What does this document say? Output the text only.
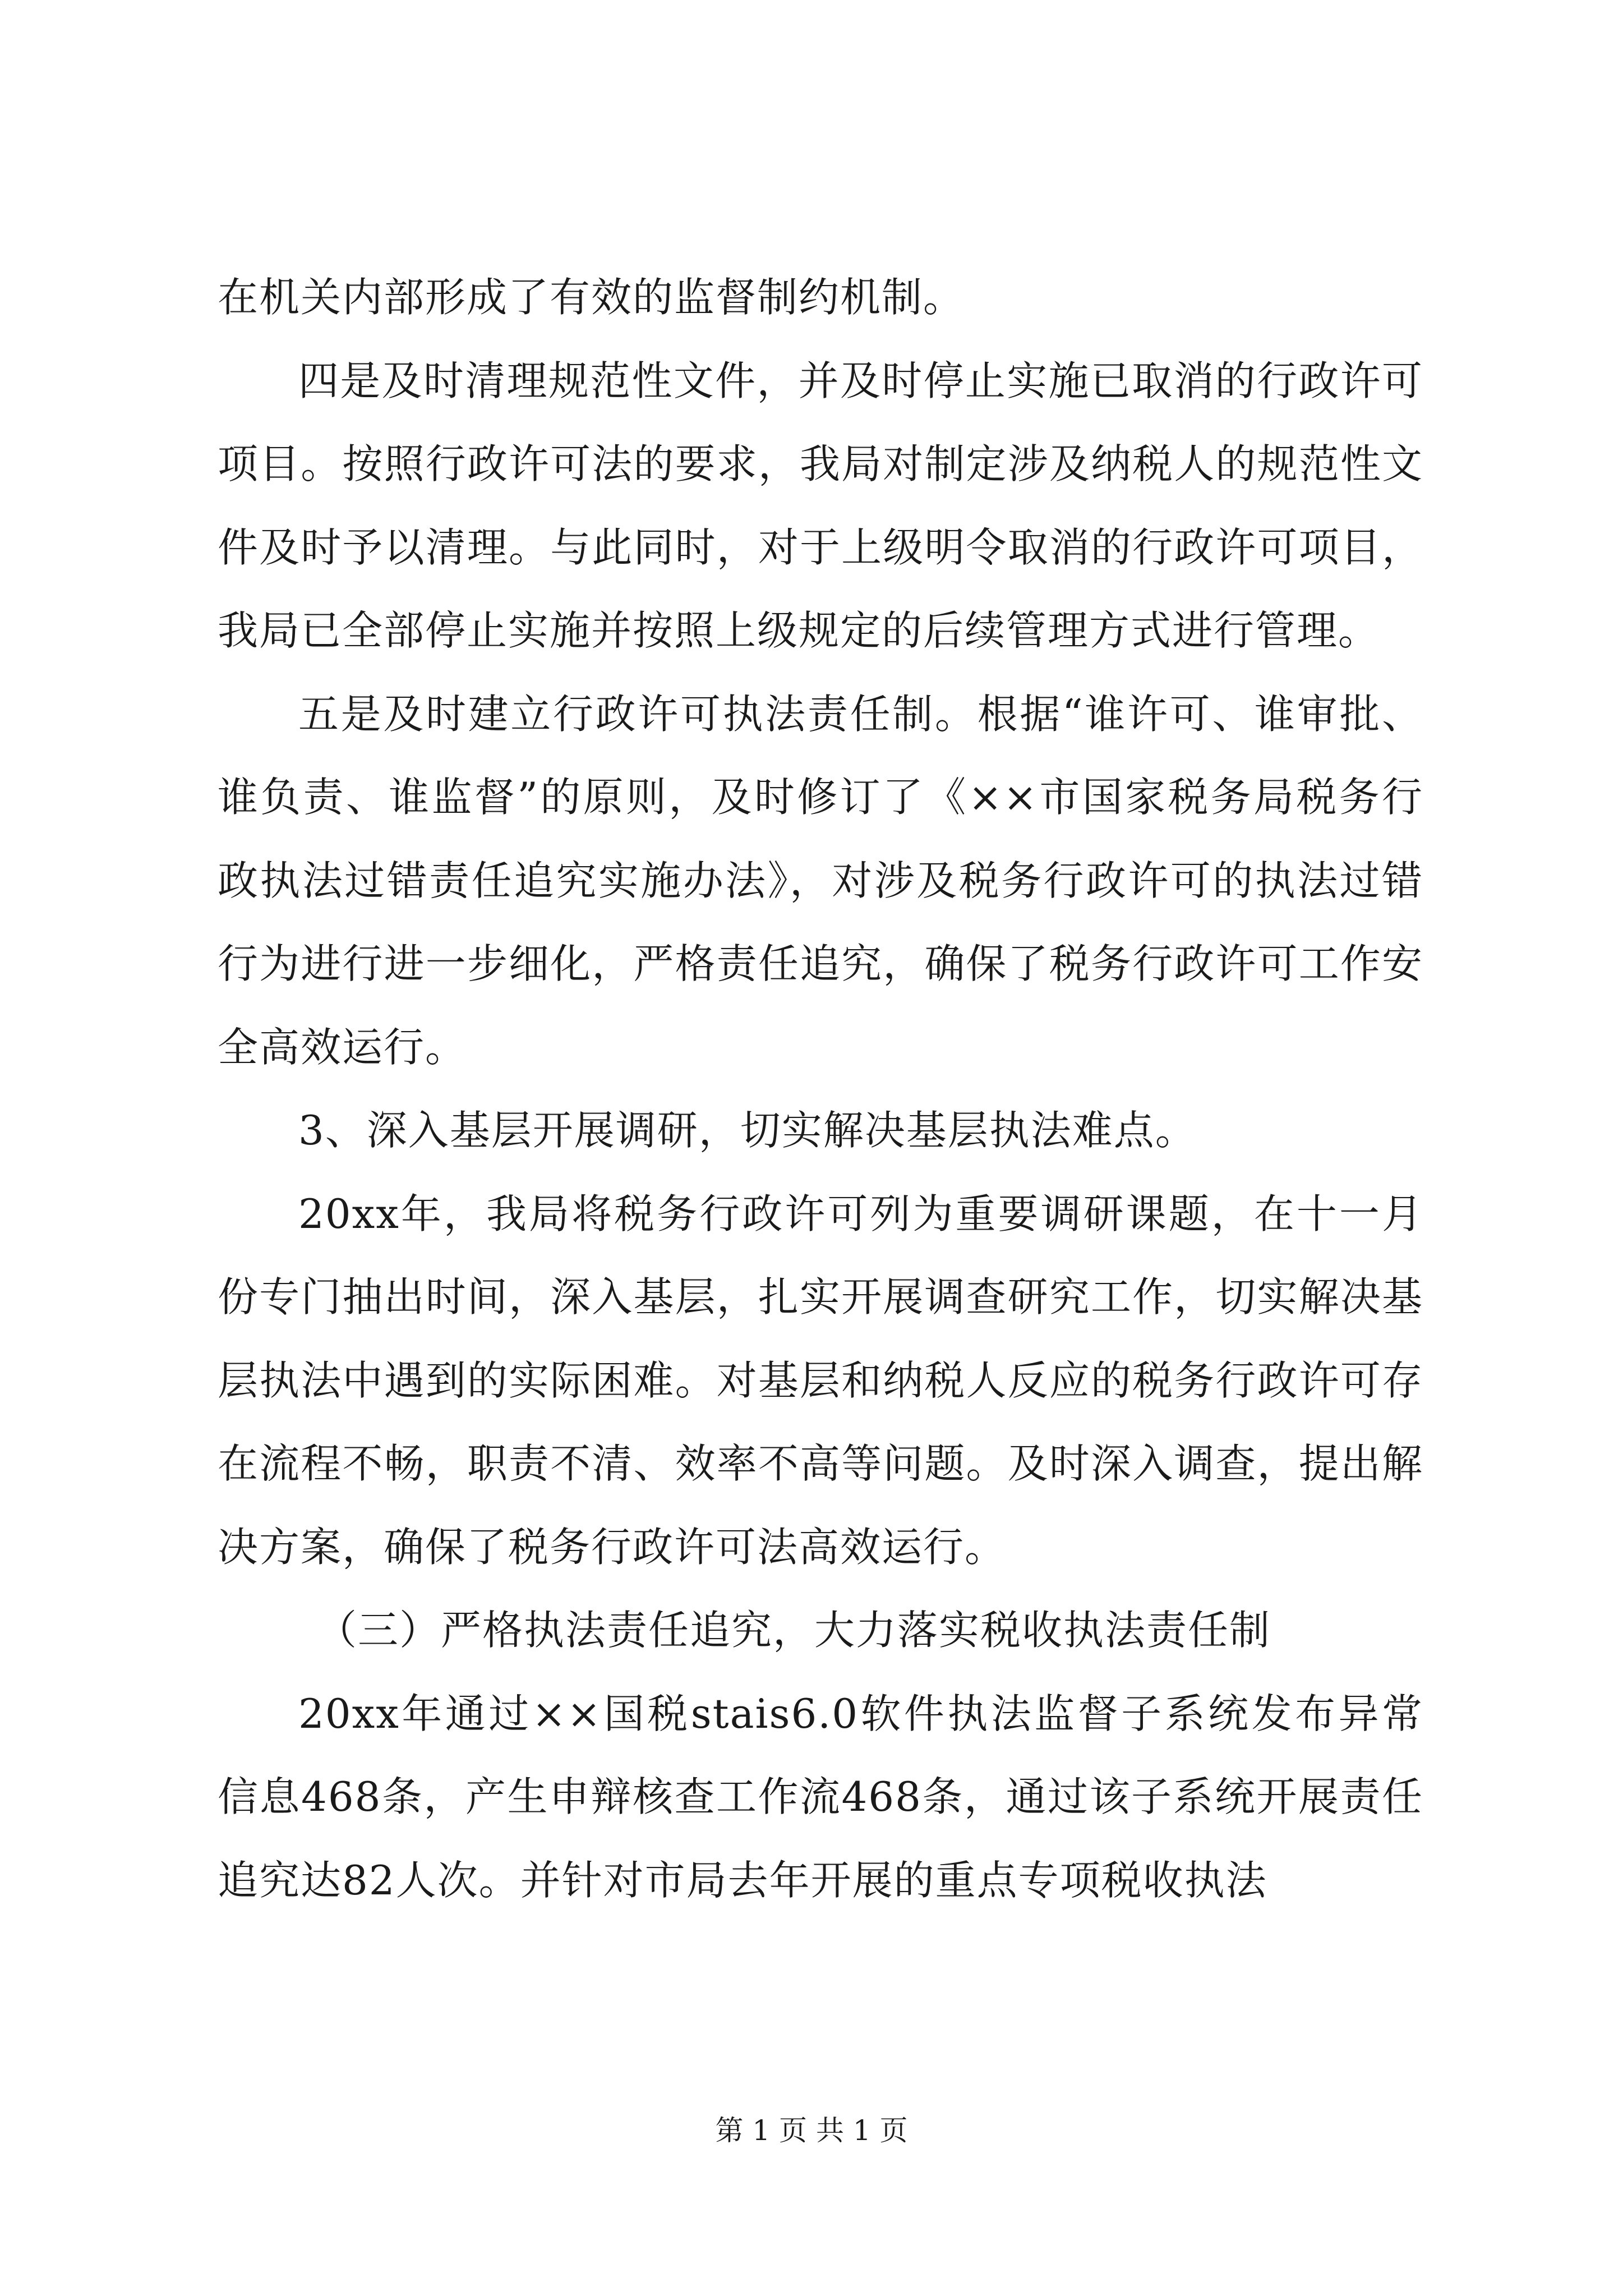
在机关内部形成了有效的监督制约机制。

四是及时清理规范性文件，并及时停止实施已取消的行政许可项目。按照行政许可法的要求，我局对制定涉及纳税人的规范性文件及时予以清理。与此同时，对于上级明令取消的行政许可项目，我局已全部停止实施并按照上级规定的后续管理方式进行管理。

五是及时建立行政许可执法责任制。根据“谁许可、谁审批、谁负责、谁监督”的原则，及时修订了《××市国家税务局税务行政执法过错责任追究实施办法》，对涉及税务行政许可的执法过错行为进行进一步细化，严格责任追究，确保了税务行政许可工作安全高效运行。

3、深入基层开展调研，切实解决基层执法难点。

20xx年，我局将税务行政许可列为重要调研课题，在十一月份专门抽出时间，深入基层，扎实开展调查研究工作，切实解决基层执法中遇到的实际困难。对基层和纳税人反应的税务行政许可存在流程不畅，职责不清、效率不高等问题。及时深入调查，提出解决方案，确保了税务行政许可法高效运行。

（三）严格执法责任追究，大力落实税收执法责任制

20xx年通过××国税stais6.0软件执法监督子系统发布异常信息468条，产生申辩核查工作流468条，通过该子系统开展责任追究达82人次。并针对市局去年开展的重点专项税收执法

第 1 页 共 1 页
